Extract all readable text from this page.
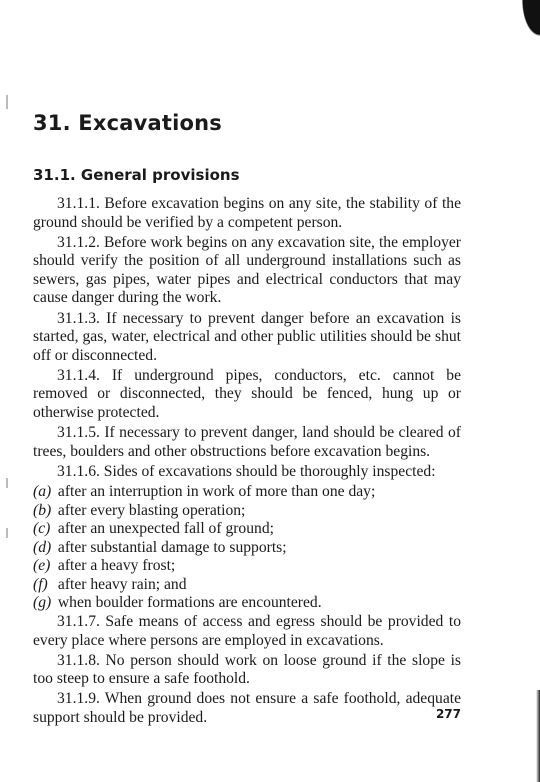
31. Excavations
31.1. General provisions

31.1.1. Before excavation begins on any site, the stability of the ground should be verified by a competent person.

31.1.2. Before work begins on any excavation site, the employer should verify the position of all underground installations such as sewers, gas pipes, water pipes and electrical conductors that may cause danger during the work.

31.1.3. If necessary to prevent danger before an excavation is started, gas, water, electrical and other public utilities should be shut off or disconnected.

31.1.4. If underground pipes, conductors, etc. cannot be removed or disconnected, they should be fenced, hung up or otherwise protected.

31.1.5. If necessary to prevent danger, land should be cleared of trees, boulders and other obstructions before excavation begins.

31.1.6. Sides of excavations should be thoroughly inspected:

(a) after an interruption in work of more than one day;

(b) after every blasting operation;

(c) after an unexpected fall of ground;

(d) after substantial damage to supports;

(e) after a heavy frost;

(f) after heavy rain; and

(g) when boulder formations are encountered.

31.1.7. Safe means of access and egress should be provided to every place where persons are employed in excavations.

31.1.8. No person should work on loose ground if the slope is too steep to ensure a safe foothold.

31.1.9. When ground does not ensure a safe foothold, adequate support should be provided.	277
